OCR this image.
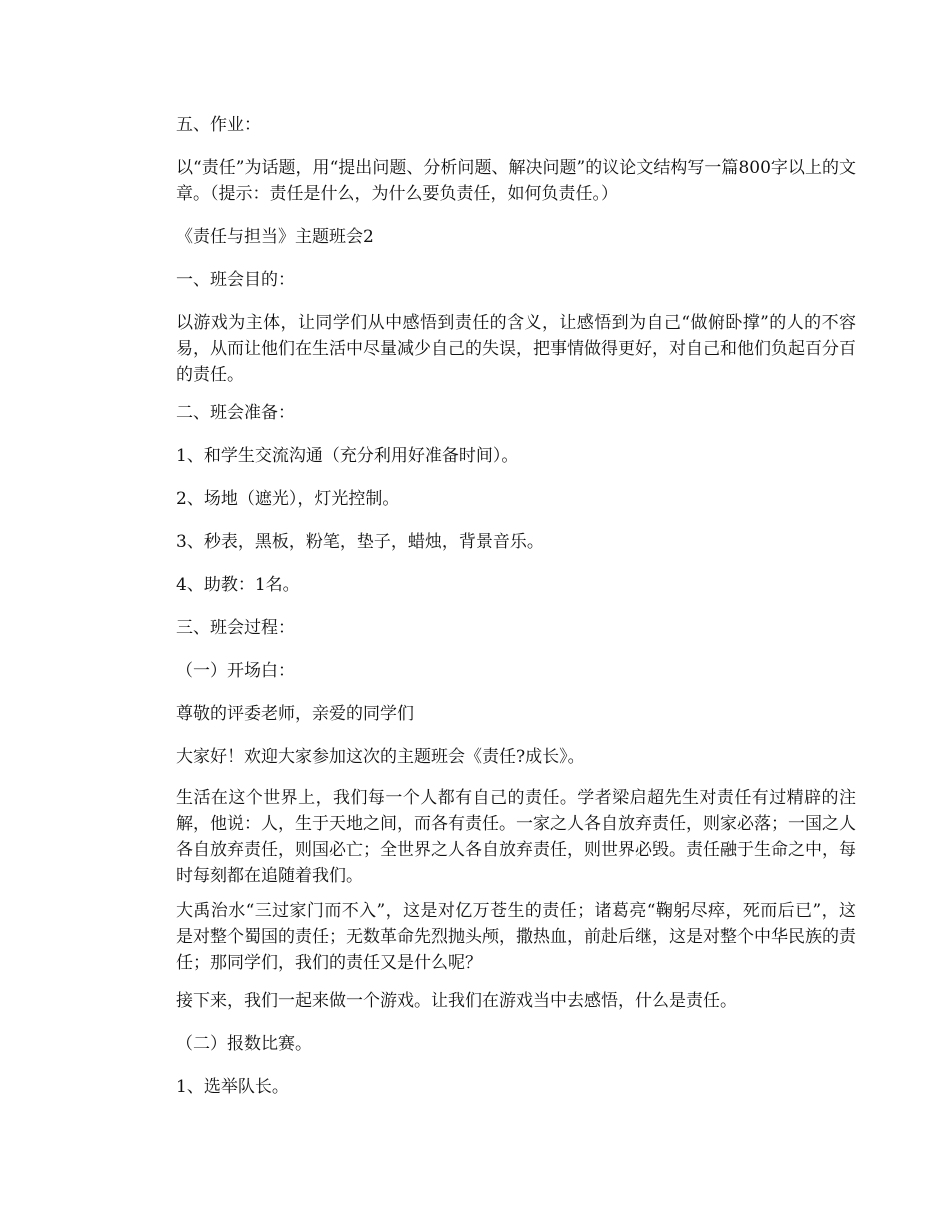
五、作业：

以“责任”为话题，用“提出问题、分析问题、解决问题”的议论文结构写一篇800字以上的文章。（提示：责任是什么，为什么要负责任，如何负责任。）

《责任与担当》主题班会2

一、班会目的：

以游戏为主体，让同学们从中感悟到责任的含义，让感悟到为自己“做俯卧撑”的人的不容易，从而让他们在生活中尽量减少自己的失误，把事情做得更好，对自己和他们负起百分百的责任。

二、班会准备：

1、和学生交流沟通（充分利用好准备时间）。

2、场地（遮光），灯光控制。

3、秒表，黑板，粉笔，垫子，蜡烛，背景音乐。

4、助教：1名。

三、班会过程：

（一）开场白：

尊敬的评委老师，亲爱的同学们

大家好！欢迎大家参加这次的主题班会《责任?成长》。

生活在这个世界上，我们每一个人都有自己的责任。学者梁启超先生对责任有过精辟的注解，他说：人，生于天地之间，而各有责任。一家之人各自放弃责任，则家必落；一国之人各自放弃责任，则国必亡；全世界之人各自放弃责任，则世界必毁。责任融于生命之中，每时每刻都在追随着我们。

大禹治水“三过家门而不入”，这是对亿万苍生的责任；诸葛亮“鞠躬尽瘁，死而后已”，这是对整个蜀国的责任；无数革命先烈抛头颅，撒热血，前赴后继，这是对整个中华民族的责任；那同学们，我们的责任又是什么呢？

接下来，我们一起来做一个游戏。让我们在游戏当中去感悟，什么是责任。

（二）报数比赛。

1、选举队长。
